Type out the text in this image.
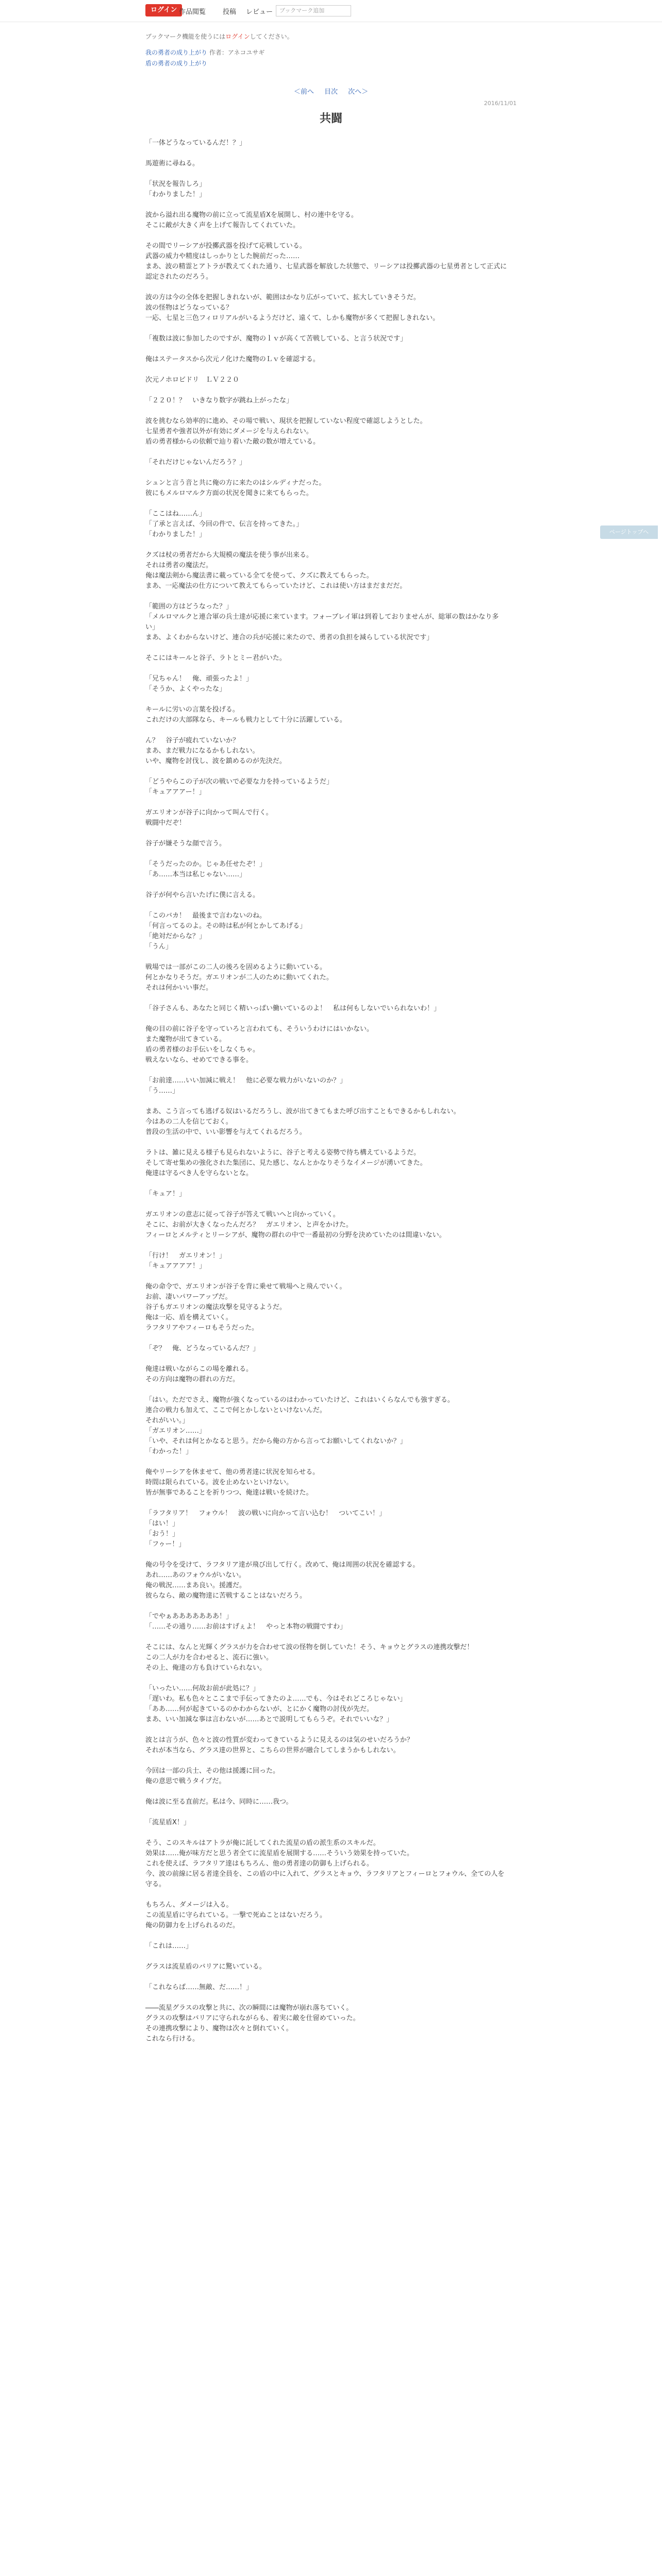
ログイン 作品閲覧	投稿 レビュー	ブックマーク追加
ブックマーク機能を使うにはログインしてください。
我の勇者の成り上がり 作者：アネコユサギ
盾の勇者の成り上がり
＜前へ 目次 次へ＞
2016/11/01
共闘
「一体どうなっているんだ！？」
馬遊術に尋ねる。
「状況を報告しろ」
「わかりました！」
波から溢れ出る魔物の前に立って流星盾Xを展開し、村の連中を守る。
そこに敵が大きく声を上げて報告してくれていた。
その間でリーシアが投擲武器を投げて応戦している。
武器の威力や精度はしっかりとした腕前だった……
まあ、波の精霊とアトラが教えてくれた通り、七星武器を解放した状態で、リーシアは投擲武器の七星勇者として正式に認定されたのだろう。
波の方は今の全体を把握しきれないが、範囲はかなり広がっていて、拡大していきそうだ。
波の怪物はどうなっている？
一応、七星と三色フィロリアルがいるようだけど、遠くて、しかも魔物が多くて把握しきれない。
「複数は波に参加したのですが、魔物のｌｖが高くて苦戦している、と言う状況です」
俺はステータスから次元ノ化けた魔物のＬｖを確認する。
次元ノホロビドリ　ＬＶ２２０
「２２０！？　いきなり数字が跳ね上がったな」
波を挑むなら効率的に進め、その場で戦い、現状を把握していない程度で確認しようとした。
七星勇者や強者以外が有効にダメージを与えられない。
盾の勇者様からの依頼で辿り着いた敵の数が増えている。
「それだけじゃないんだろう？」
シュンと言う音と共に俺の方に来たのはシルディナだった。
彼にもメルロマルク方面の状況を聞きに来てもらった。
「ここはね……ん」
「了承と言えば、今回の件で、伝言を持ってきた。」
「わかりました！」
クズは杖の勇者だから大規模の魔法を使う事が出来る。
それは勇者の魔法だ。
俺は魔法剣から魔法書に載っている全てを使って、クズに教えてもらった。
まあ、一応魔法の仕方について教えてもらっていたけど、これは使い方はまだまだだ。
「範囲の方はどうなった？」
「メルロマルクと連合軍の兵士達が応援に来ています。フォーブレイ軍は到着しておりませんが、総軍の数はかなり多い」
まあ、よくわからないけど、連合の兵が応援に来たので、勇者の負担を減らしている状況です」
そこにはキールと谷子、ラトとミー君がいた。
「兄ちゃん！　俺、頑張ったよ！」
「そうか、よくやったな」
キールに労いの言葉を投げる。
これだけの大部隊なら、キールも戦力として十分に活躍している。
ん？　谷子が疲れていないか？
まあ、まだ戦力になるかもしれない。
いや、魔物を討伐し、波を鎮めるのが先決だ。
「どうやらこの子が次の戦いで必要な力を持っているようだ」
「キュアアアー！」
ガエリオンが谷子に向かって叫んで行く。
戦闘中だぞ！
谷子が嫌そうな顔で言う。
「そうだったのか。じゃあ任せたぞ！」
「あ……本当は私じゃない……」
谷子が何やら言いたげに僕に言える。
「このバカ！　最後まで言わないのね。
「何言ってるのよ。その時は私が何とかしてあげる」
「絶対だからな？」
「うん」
戦場では一部がこの二人の後ろを固めるように動いている。
何とかなりそうだ。ガエリオンが二人のために動いてくれた。
それは何かいい事だ。
「谷子さんも、あなたと同じく精いっぱい働いているのよ！　私は何もしないでいられないわ！」
俺の目の前に谷子を守っていろと言われても、そういうわけにはいかない。
また魔物が出てきている。
盾の勇者様のお手伝いをしなくちゃ。
戦えないなら、せめてできる事を。
「お前達……いい加減に戦え！　他に必要な戦力がいないのか？」
「う……」
まあ、こう言っても逃げる奴はいるだろうし、波が出てきてもまた呼び出すこともできるかもしれない。
今はあの二人を信じておく。
普段の生活の中で、いい影響を与えてくれるだろう。
ラトは、雑に見える様子も見られないように、谷子と考える姿勢で待ち構えているようだ。
そして寄せ集めの強化された集団に、見た感じ、なんとかなりそうなイメージが湧いてきた。
俺達は守るべき人を守らないとな。
「キュア！」
ガエリオンの意志に従って谷子が答えて戦いへと向かっていく。
そこに、お前が大きくなったんだろ？　ガエリオン、と声をかけた。
フィーロとメルティとリーシアが、魔物の群れの中で一番最初の分野を決めていたのは間違いない。
「行け！　ガエリオン！」
「キュアアアア！」
俺の命令で、ガエリオンが谷子を背に乗せて戦場へと飛んでいく。
お前、凄いパワーアップだ。
谷子もガエリオンの魔法攻撃を見守るようだ。
俺は一応、盾を構えていく。
ラフタリアやフィーロもそうだった。
「ぞ？　俺、どうなっているんだ？」
俺達は戦いながらこの場を離れる。
その方向は魔物の群れの方だ。
「はい。ただでさえ、魔物が強くなっているのはわかっていたけど、これはいくらなんでも強すぎる。
連合の戦力も加えて、ここで何とかしないといけないんだ。
それがいい。」
「ガエリオン……」
「いや、それは何とかなると思う。だから俺の方から言ってお願いしてくれないか？」
「わかった！」
俺やリーシアを休ませて、他の勇者達に状況を知らせる。
時間は限られている。波を止めないといけない。
皆が無事であることを祈りつつ、俺達は戦いを続けた。
「ラフタリア！　フォウル！　波の戦いに向かって言い込む！　ついてこい！」
「はい！」
「おう！」
「フゥー！」
俺の号令を受けて、ラフタリア達が飛び出して行く。改めて、俺は周囲の状況を確認する。
あれ……あのフォウルがいない。
俺の戦況……まあ良い。援護だ。
彼らなら、敵の魔物達に苦戦することはないだろう。
「でやぁあああああああ！」
「……その通り……お前はすげぇよ！　やっと本物の戦闘ですわ」
そこには、なんと光輝くグラスが力を合わせて波の怪物を倒していた！そう、キョウとグラスの連携攻撃だ！
この二人が力を合わせると、流石に強い。
その上、俺達の方も負けていられない。
「いったい……何故お前が此処に？」
「遅いわ。私も色々とここまで手伝ってきたのよ……でも、今はそれどころじゃない」
「ああ……何が起きているのかわからないが、とにかく魔物の討伐が先だ。
まあ、いい加減な事は言わないが……あとで説明してもらうぞ。それでいいな？」
波とは言うが、色々と波の性質が変わってきているように見えるのは気のせいだろうか？
それが本当なら、グラス達の世界と、こちらの世界が融合してしまうかもしれない。
今回は一部の兵士、その他は援護に回った。
俺の意思で戦うタイプだ。
俺は波に至る直前だ。私は今、同時に……我つ。
「流星盾X！」
そう、このスキルはアトラが俺に託してくれた流星の盾の派生系のスキルだ。
効果は……俺が味方だと思う者全てに流星盾を展開する……そういう効果を持っていた。
これを使えば、ラフタリア達はもちろん、他の勇者達の防御も上げられる。
今、波の前線に居る者達全員を、この盾の中に入れて、グラスとキョウ、ラフタリアとフィーロとフォウル、全ての人を守る。
もちろん、ダメージは入る。
この流星盾に守られている。一撃で死ぬことはないだろう。
俺の防御力を上げられるのだ。
「これは……」
グラスは流星盾のバリアに驚いている。
「これならば……無敵、だ……！」
――流星グラスの攻撃と共に、次の瞬間には魔物が崩れ落ちていく。
グラスの攻撃はバリアに守られながらも、着実に敵を仕留めていった。
その連携攻撃により、魔物は次々と倒れていく。
これなら行ける。
ページトップへ
